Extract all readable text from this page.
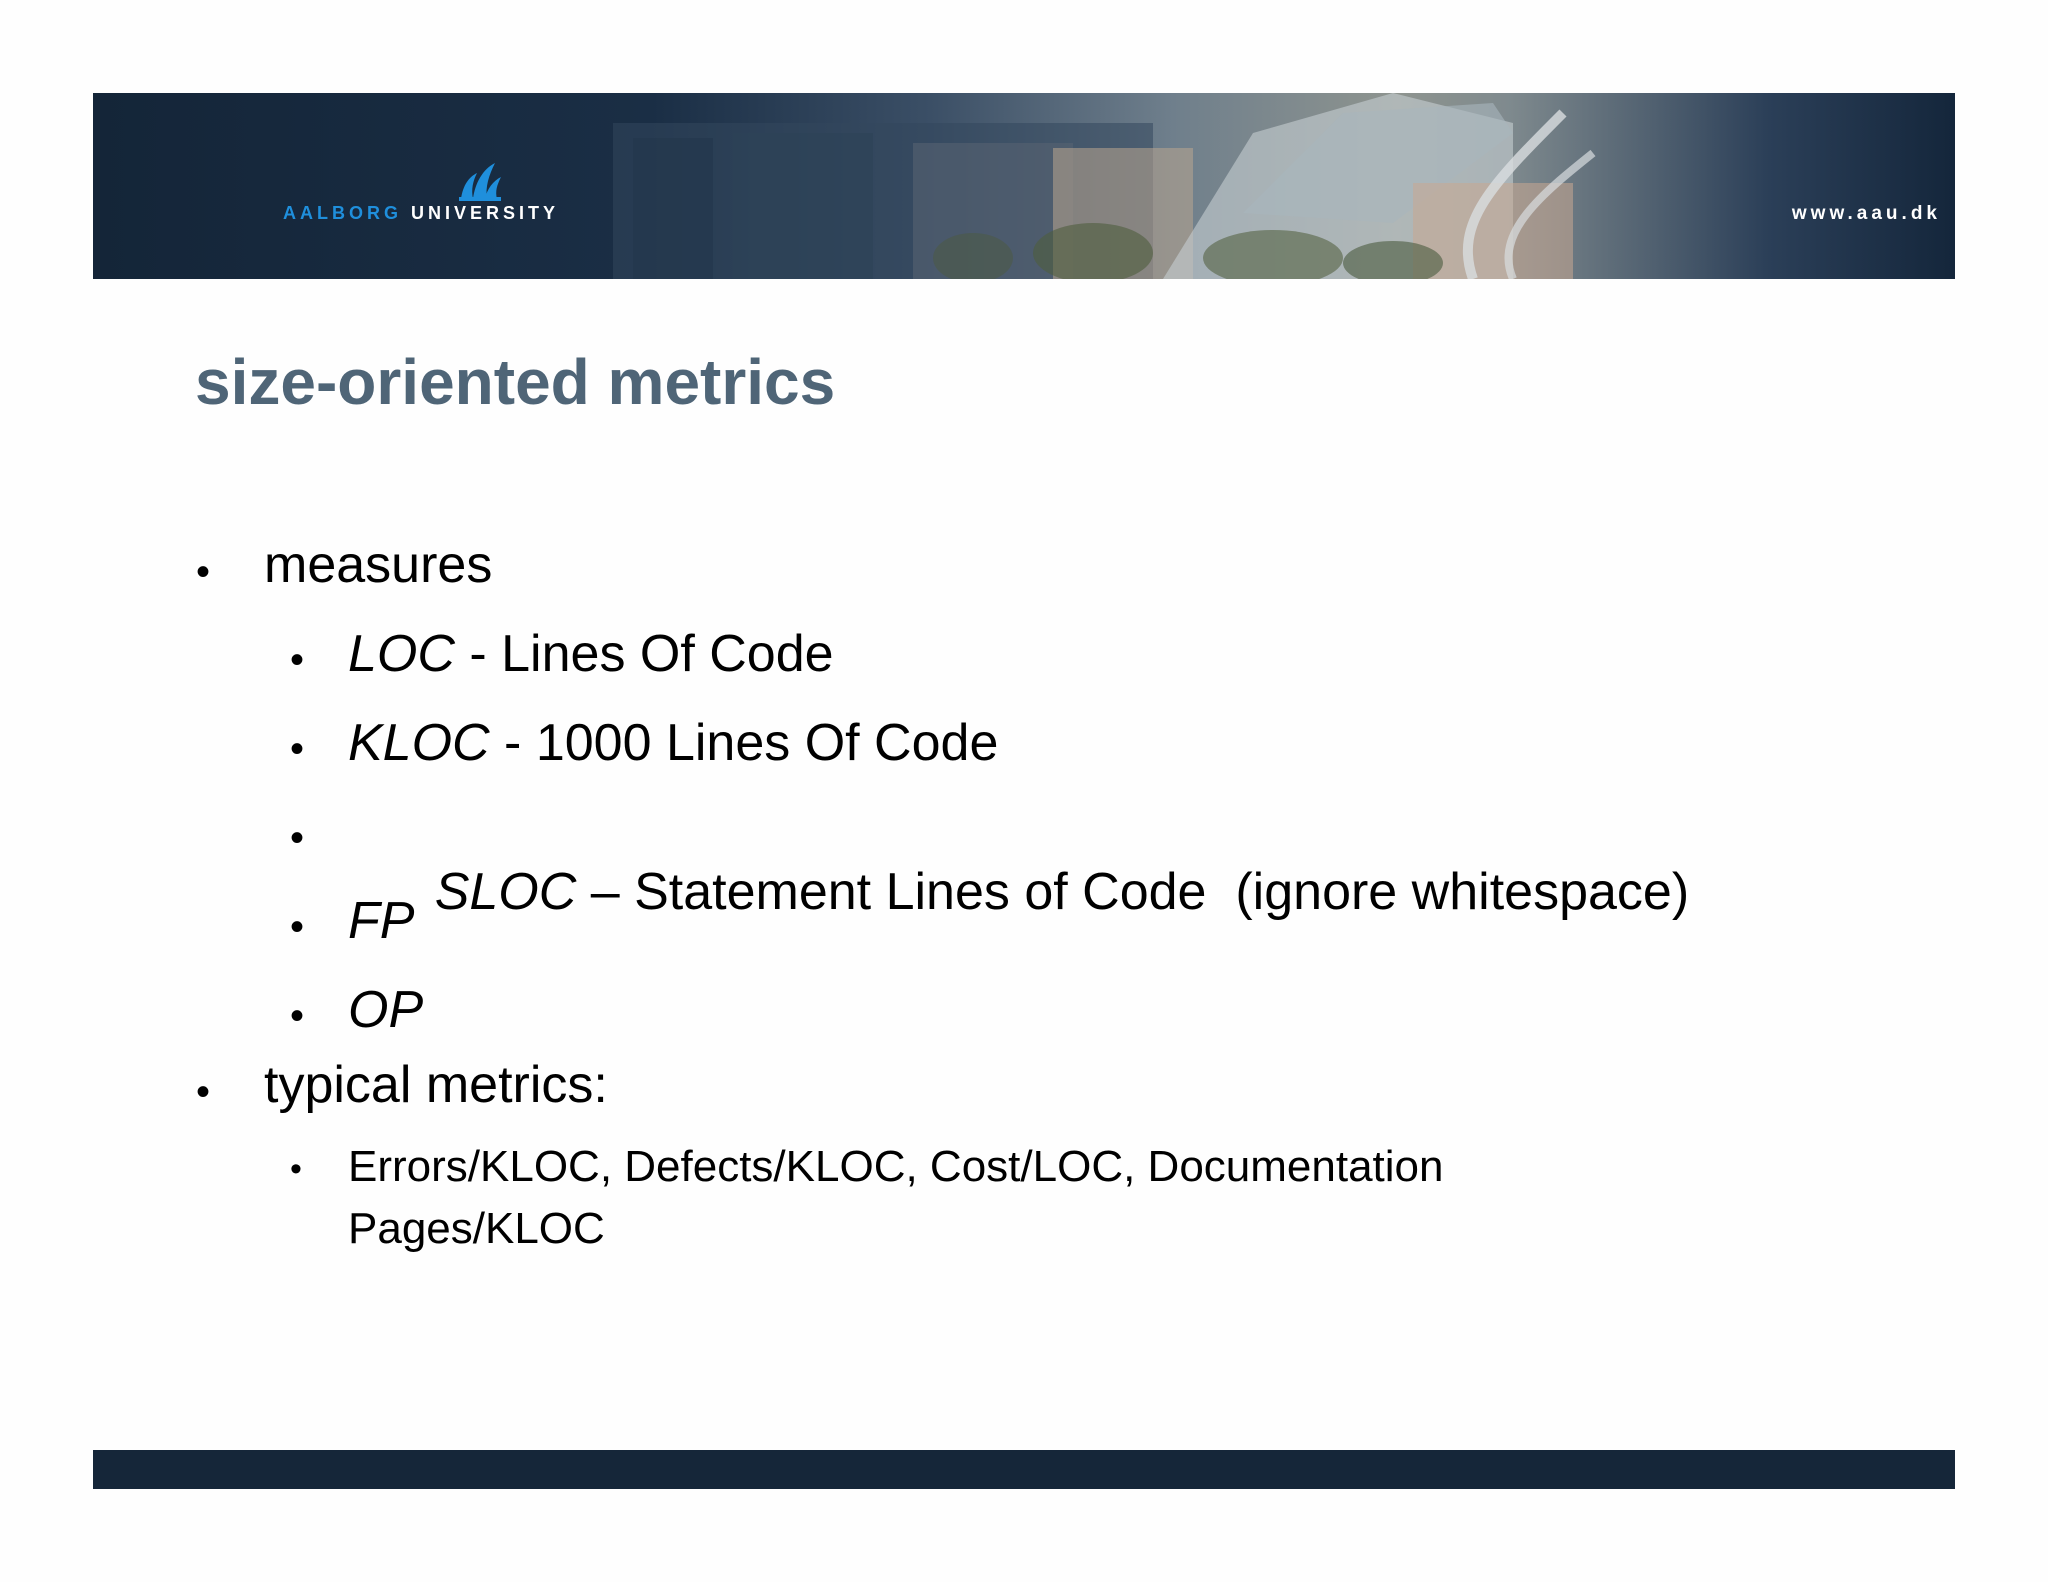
AALBORG UNIVERSITY	www.aau.dk
size-oriented metrics
• measures
• LOC - Lines Of Code
• KLOC - 1000 Lines Of Code
•

SLOC – Statement Lines of Code  (ignore whitespace)

• FP
• OP
• typical metrics:
• Errors/KLOC, Defects/KLOC, Cost/LOC, Documentation Pages/KLOC
